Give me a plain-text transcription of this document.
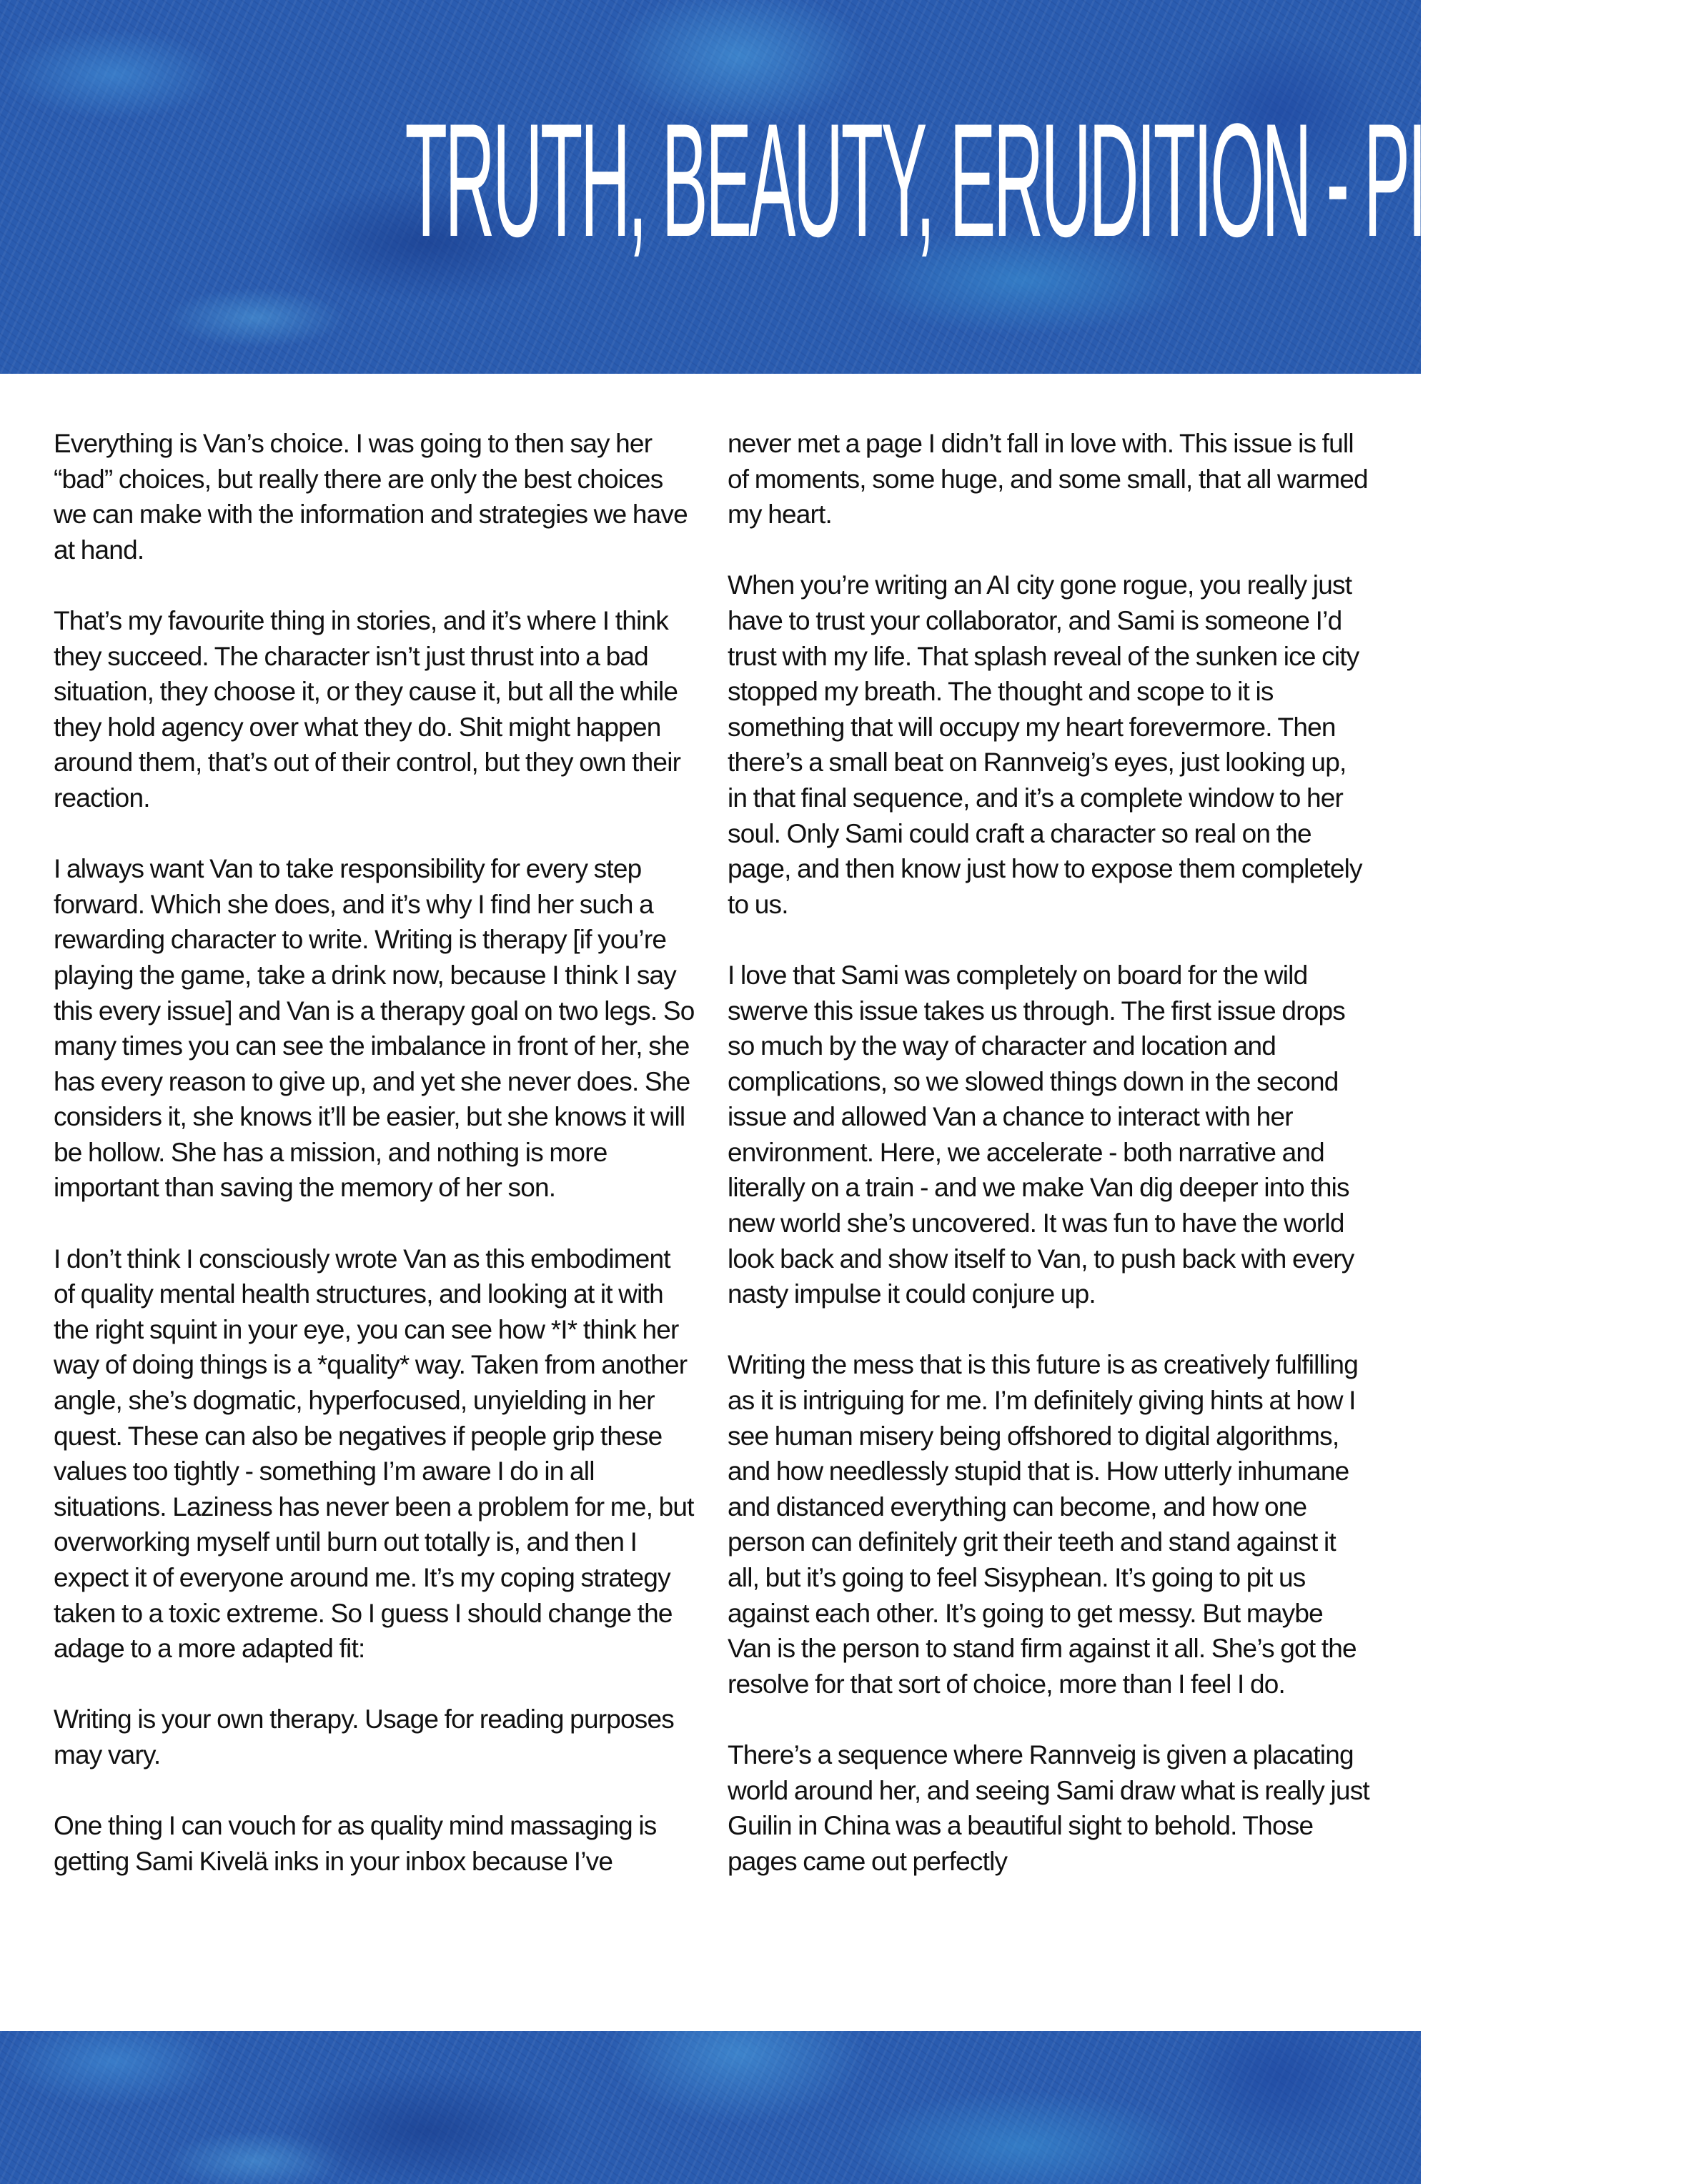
TRUTH, BEAUTY, ERUDITION - PICK TWO

Everything is Van’s choice. I was going to then say her “bad” choices, but really there are only the best choices we can make with the information and strategies we have at hand.

That’s my favourite thing in stories, and it’s where I think they succeed. The character isn’t just thrust into a bad situation, they choose it, or they cause it, but all the while they hold agency over what they do. Shit might happen around them, that’s out of their control, but they own their reaction.

I always want Van to take responsibility for every step forward. Which she does, and it’s why I find her such a rewarding character to write. Writing is therapy [if you’re playing the game, take a drink now, because I think I say this every issue] and Van is a therapy goal on two legs. So many times you can see the imbalance in front of her, she has every reason to give up, and yet she never does. She considers it, she knows it’ll be easier, but she knows it will be hollow. She has a mission, and nothing is more important than saving the memory of her son.

I don’t think I consciously wrote Van as this embodiment of quality mental health structures, and looking at it with the right squint in your eye, you can see how *I* think her way of doing things is a *quality* way. Taken from another angle, she’s dogmatic, hyperfocused, unyielding in her quest. These can also be negatives if people grip these values too tightly - something I’m aware I do in all situations. Laziness has never been a problem for me, but overworking myself until burn out totally is, and then I expect it of everyone around me. It’s my coping strategy taken to a toxic extreme. So I guess I should change the adage to a more adapted fit:

Writing is your own therapy. Usage for reading purposes may vary.

One thing I can vouch for as quality mind massaging is getting Sami Kivelä inks in your inbox because I’ve

never met a page I didn’t fall in love with. This issue is full of moments, some huge, and some small, that all warmed my heart.

When you’re writing an AI city gone rogue, you really just have to trust your collaborator, and Sami is someone I’d trust with my life. That splash reveal of the sunken ice city stopped my breath. The thought and scope to it is something that will occupy my heart forevermore. Then there’s a small beat on Rannveig’s eyes, just looking up, in that final sequence, and it’s a complete window to her soul. Only Sami could craft a character so real on the page, and then know just how to expose them completely to us.

I love that Sami was completely on board for the wild swerve this issue takes us through. The first issue drops so much by the way of character and location and complications, so we slowed things down in the second issue and allowed Van a chance to interact with her environment. Here, we accelerate - both narrative and literally on a train - and we make Van dig deeper into this new world she’s uncovered. It was fun to have the world look back and show itself to Van, to push back with every nasty impulse it could conjure up.

Writing the mess that is this future is as creatively fulfilling as it is intriguing for me. I’m definitely giving hints at how I see human misery being offshored to digital algorithms, and how needlessly stupid that is. How utterly inhumane and distanced everything can become, and how one person can definitely grit their teeth and stand against it all, but it’s going to feel Sisyphean. It’s going to pit us against each other. It’s going to get messy. But maybe Van is the person to stand firm against it all. She’s got the resolve for that sort of choice, more than I feel I do.

There’s a sequence where Rannveig is given a placating world around her, and seeing Sami draw what is really just Guilin in China was a beautiful sight to behold. Those pages came out perfectly
